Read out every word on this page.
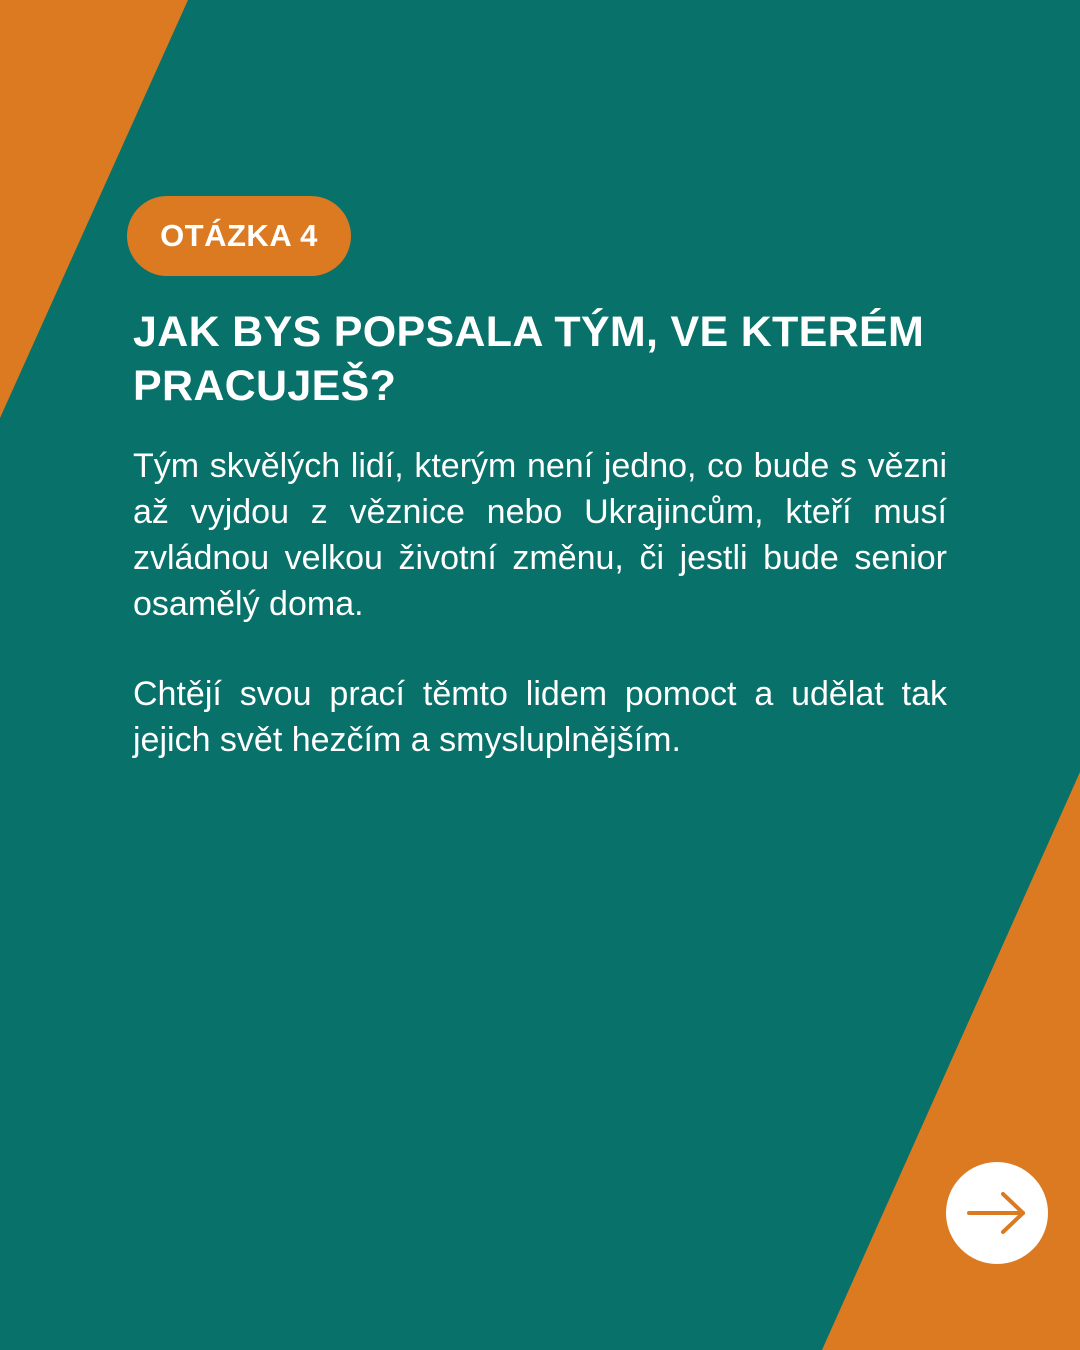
OTÁZKA 4
JAK BYS POPSALA TÝM, VE KTERÉM PRACUJEŠ?

Tým skvělých lidí, kterým není jedno, co bude s vězni až vyjdou z věznice nebo Ukrajincům, kteří musí zvládnou velkou životní změnu, či jestli bude senior osamělý doma.

Chtějí svou prací těmto lidem pomoct a udělat tak jejich svět hezčím a smysluplnějším.
